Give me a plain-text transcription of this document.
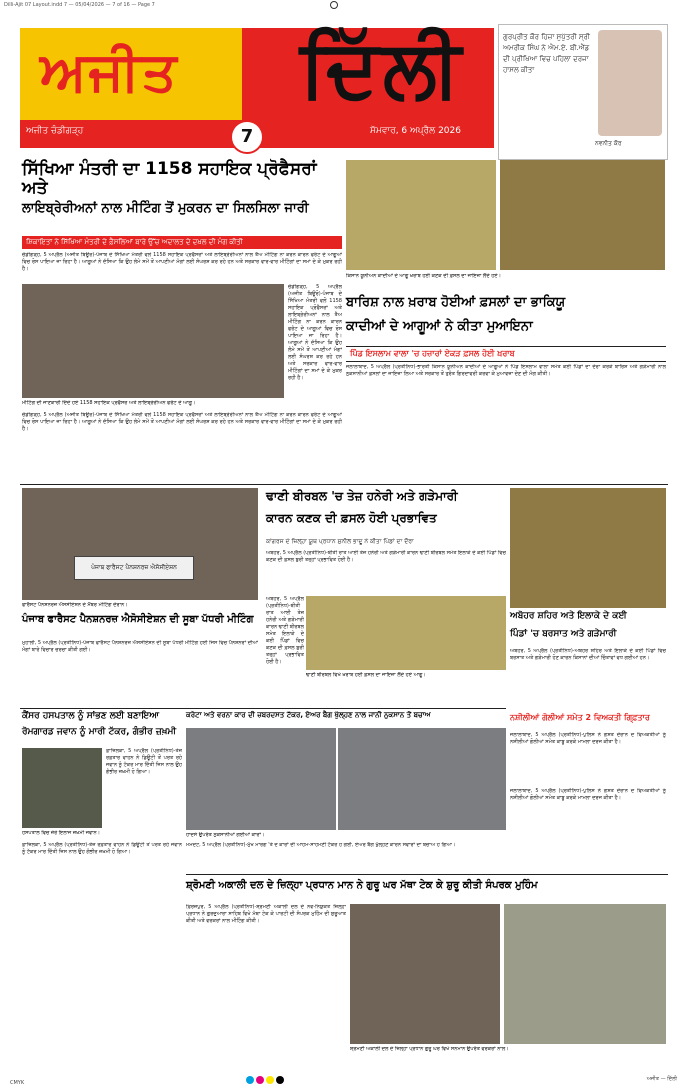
Dilli-Ajit 07 Layout.indd 7 — 05/04/2026 — 7 of 16 — Page 7
ਅਜੀਤ ਦਿੱਲੀ
ਅਜੀਤ ਚੰਡੀਗੜ੍ਹ	7	ਸੋਮਵਾਰ, 6 ਅਪ੍ਰੈਲ 2026
ਗੁਰਪ੍ਰੀਤ ਕੌਰ ਹਿਜ਼ਾ ਸੁਪੁੱਤਰੀ ਸ੍ਰੀ ਅਮਰੀਕ ਸਿੰਘ ਨੇ ਐਮ.ਏ. ਬੀ.ਐੱਡ ਦੀ ਪ੍ਰੀਖਿਆ ਵਿਚ ਪਹਿਲਾ ਦਰਜਾ ਹਾਸਲ ਕੀਤਾ
ਨਵਨੀਤ ਕੌਰ
ਸਿੱਖਿਆ ਮੰਤਰੀ ਦਾ 1158 ਸਹਾਇਕ ਪ੍ਰੋਫੈਸਰਾਂ ਅਤੇ
ਲਾਇਬ੍ਰੇਰੀਅਨਾਂ ਨਾਲ ਮੀਟਿੰਗ ਤੋਂ ਮੁਕਰਨ ਦਾ ਸਿਲਸਿਲਾ ਜਾਰੀ
ਸ਼ਿਕਾਇਤਾਂ ਨੇ ਸਿੱਖਿਆ ਮੰਤਰੀ ਦੇ ਫ਼ੈਸਲਿਆਂ ਬਾਰੇ ਉੱਚ ਅਦਾਲਤ ਦੇ ਦਖ਼ਲ ਦੀ ਮੰਗ ਕੀਤੀ
ਚੰਡੀਗੜ੍ਹ, 5 ਅਪ੍ਰੈਲ (ਅਜੀਤ ਬਿਊਰੋ)-ਪੰਜਾਬ ਦੇ ਸਿੱਖਿਆ ਮੰਤਰੀ ਵਲੋਂ 1158 ਸਹਾਇਕ ਪ੍ਰੋਫੈਸਰਾਂ ਅਤੇ ਲਾਇਬ੍ਰੇਰੀਅਨਾਂ ਨਾਲ ਤੈਅ ਮੀਟਿੰਗ ਨਾ ਕਰਨ ਕਾਰਨ ਫਰੰਟ ਦੇ ਆਗੂਆਂ ਵਿਚ ਰੋਸ ਪਾਇਆ ਜਾ ਰਿਹਾ ਹੈ। ਆਗੂਆਂ ਨੇ ਦੱਸਿਆ ਕਿ ਉਹ ਲੰਮੇ ਸਮੇਂ ਤੋਂ ਆਪਣੀਆਂ ਮੰਗਾਂ ਲਈ ਸੰਘਰਸ਼ ਕਰ ਰਹੇ ਹਨ ਅਤੇ ਸਰਕਾਰ ਵਾਰ-ਵਾਰ ਮੀਟਿੰਗਾਂ ਦਾ ਸਮਾਂ ਦੇ ਕੇ ਮੁਕਰ ਰਹੀ ਹੈ।
ਮੀਟਿੰਗ ਦੀ ਜਾਣਕਾਰੀ ਦਿੰਦੇ ਹੋਏ 1158 ਸਹਾਇਕ ਪ੍ਰੋਫੈਸਰ ਅਤੇ ਲਾਇਬ੍ਰੇਰੀਅਨ ਫਰੰਟ ਦੇ ਆਗੂ।
ਚੰਡੀਗੜ੍ਹ, 5 ਅਪ੍ਰੈਲ (ਅਜੀਤ ਬਿਊਰੋ)-ਪੰਜਾਬ ਦੇ ਸਿੱਖਿਆ ਮੰਤਰੀ ਵਲੋਂ 1158 ਸਹਾਇਕ ਪ੍ਰੋਫੈਸਰਾਂ ਅਤੇ ਲਾਇਬ੍ਰੇਰੀਅਨਾਂ ਨਾਲ ਤੈਅ ਮੀਟਿੰਗ ਨਾ ਕਰਨ ਕਾਰਨ ਫਰੰਟ ਦੇ ਆਗੂਆਂ ਵਿਚ ਰੋਸ ਪਾਇਆ ਜਾ ਰਿਹਾ ਹੈ। ਆਗੂਆਂ ਨੇ ਦੱਸਿਆ ਕਿ ਉਹ ਲੰਮੇ ਸਮੇਂ ਤੋਂ ਆਪਣੀਆਂ ਮੰਗਾਂ ਲਈ ਸੰਘਰਸ਼ ਕਰ ਰਹੇ ਹਨ ਅਤੇ ਸਰਕਾਰ ਵਾਰ-ਵਾਰ ਮੀਟਿੰਗਾਂ ਦਾ ਸਮਾਂ ਦੇ ਕੇ ਮੁਕਰ ਰਹੀ ਹੈ।
ਚੰਡੀਗੜ੍ਹ, 5 ਅਪ੍ਰੈਲ (ਅਜੀਤ ਬਿਊਰੋ)-ਪੰਜਾਬ ਦੇ ਸਿੱਖਿਆ ਮੰਤਰੀ ਵਲੋਂ 1158 ਸਹਾਇਕ ਪ੍ਰੋਫੈਸਰਾਂ ਅਤੇ ਲਾਇਬ੍ਰੇਰੀਅਨਾਂ ਨਾਲ ਤੈਅ ਮੀਟਿੰਗ ਨਾ ਕਰਨ ਕਾਰਨ ਫਰੰਟ ਦੇ ਆਗੂਆਂ ਵਿਚ ਰੋਸ ਪਾਇਆ ਜਾ ਰਿਹਾ ਹੈ। ਆਗੂਆਂ ਨੇ ਦੱਸਿਆ ਕਿ ਉਹ ਲੰਮੇ ਸਮੇਂ ਤੋਂ ਆਪਣੀਆਂ ਮੰਗਾਂ ਲਈ ਸੰਘਰਸ਼ ਕਰ ਰਹੇ ਹਨ ਅਤੇ ਸਰਕਾਰ ਵਾਰ-ਵਾਰ ਮੀਟਿੰਗਾਂ ਦਾ ਸਮਾਂ ਦੇ ਕੇ ਮੁਕਰ ਰਹੀ ਹੈ।
ਕਿਸਾਨ ਯੂਨੀਅਨ ਕਾਦੀਆਂ ਦੇ ਆਗੂ ਖ਼ਰਾਬ ਹੋਈ ਕਣਕ ਦੀ ਫ਼ਸਲ ਦਾ ਜਾਇਜ਼ਾ ਲੈਂਦੇ ਹੋਏ।
ਬਾਰਿਸ਼ ਨਾਲ ਖ਼ਰਾਬ ਹੋਈਆਂ ਫ਼ਸਲਾਂ ਦਾ ਭਾਕਿਯੂ
ਕਾਦੀਆਂ ਦੇ ਆਗੂਆਂ ਨੇ ਕੀਤਾ ਮੁਆਇਨਾ
ਪਿੰਡ ਇਸਲਾਮ ਵਾਲਾ 'ਚ ਹਜ਼ਾਰਾਂ ਏਕੜ ਫ਼ਸਲ ਹੋਈ ਖ਼ਰਾਬ
ਜਲਾਲਾਬਾਦ, 5 ਅਪ੍ਰੈਲ (ਪ੍ਰਤੀਨਿਧ)-ਭਾਰਤੀ ਕਿਸਾਨ ਯੂਨੀਅਨ ਕਾਦੀਆਂ ਦੇ ਆਗੂਆਂ ਨੇ ਪਿੰਡ ਇਸਲਾਮ ਵਾਲਾ ਸਮੇਤ ਕਈ ਪਿੰਡਾਂ ਦਾ ਦੌਰਾ ਕਰਕੇ ਬਾਰਿਸ਼ ਅਤੇ ਗੜੇਮਾਰੀ ਨਾਲ ਨੁਕਸਾਨੀਆਂ ਫ਼ਸਲਾਂ ਦਾ ਜਾਇਜ਼ਾ ਲਿਆ ਅਤੇ ਸਰਕਾਰ ਤੋਂ ਤੁਰੰਤ ਗਿਰਦਾਵਰੀ ਕਰਵਾ ਕੇ ਮੁਆਵਜ਼ਾ ਦੇਣ ਦੀ ਮੰਗ ਕੀਤੀ।
ਪੰਜਾਬ ਫਾਰੈਸਟ ਪੈਨਸ਼ਨਰਜ਼ ਐਸੋਸੀਏਸ਼ਨ
ਫਾਰੈਸਟ ਪੈਨਸ਼ਨਰਜ਼ ਐਸੋਸੀਏਸ਼ਨ ਦੇ ਮੈਂਬਰ ਮੀਟਿੰਗ ਦੌਰਾਨ।
ਪੰਜਾਬ ਫਾਰੈਸਟ ਪੈਨਸ਼ਨਰਜ਼ ਐਸੋਸੀਏਸ਼ਨ ਦੀ ਸੂਬਾ ਪੱਧਰੀ ਮੀਟਿੰਗ
ਮੁਹਾਲੀ, 5 ਅਪ੍ਰੈਲ (ਪ੍ਰਤੀਨਿਧ)-ਪੰਜਾਬ ਫਾਰੈਸਟ ਪੈਨਸ਼ਨਰਜ਼ ਐਸੋਸੀਏਸ਼ਨ ਦੀ ਸੂਬਾ ਪੱਧਰੀ ਮੀਟਿੰਗ ਹੋਈ ਜਿਸ ਵਿਚ ਪੈਨਸ਼ਨਰਾਂ ਦੀਆਂ ਮੰਗਾਂ ਬਾਰੇ ਵਿਚਾਰ ਚਰਚਾ ਕੀਤੀ ਗਈ।
ਢਾਣੀ ਬੀਰਬਲ 'ਚ ਤੇਜ਼ ਹਨੇਰੀ ਅਤੇ ਗੜੇਮਾਰੀ
ਕਾਰਨ ਕਣਕ ਦੀ ਫ਼ਸਲ ਹੋਈ ਪ੍ਰਭਾਵਿਤ
ਕਾਂਗਰਸ ਦੇ ਜ਼ਿਲ੍ਹਾ ਯੂਥ ਪ੍ਰਧਾਨ ਸੁਨੀਲ ਭਾਦੂ ਨੇ ਕੀਤਾ ਪਿੰਡਾਂ ਦਾ ਦੌਰਾ
ਅਬੋਹਰ, 5 ਅਪ੍ਰੈਲ (ਪ੍ਰਤੀਨਿਧ)-ਬੀਤੀ ਰਾਤ ਆਈ ਤੇਜ਼ ਹਨੇਰੀ ਅਤੇ ਗੜੇਮਾਰੀ ਕਾਰਨ ਢਾਣੀ ਬੀਰਬਲ ਸਮੇਤ ਇਲਾਕੇ ਦੇ ਕਈ ਪਿੰਡਾਂ ਵਿਚ ਕਣਕ ਦੀ ਫ਼ਸਲ ਬੁਰੀ ਤਰ੍ਹਾਂ ਪ੍ਰਭਾਵਿਤ ਹੋਈ ਹੈ।
ਢਾਣੀ ਬੀਰਬਲ ਵਿਖੇ ਖ਼ਰਾਬ ਹੋਈ ਫ਼ਸਲ ਦਾ ਜਾਇਜ਼ਾ ਲੈਂਦੇ ਹੋਏ ਆਗੂ।
ਅਬੋਹਰ, 5 ਅਪ੍ਰੈਲ (ਪ੍ਰਤੀਨਿਧ)-ਬੀਤੀ ਰਾਤ ਆਈ ਤੇਜ਼ ਹਨੇਰੀ ਅਤੇ ਗੜੇਮਾਰੀ ਕਾਰਨ ਢਾਣੀ ਬੀਰਬਲ ਸਮੇਤ ਇਲਾਕੇ ਦੇ ਕਈ ਪਿੰਡਾਂ ਵਿਚ ਕਣਕ ਦੀ ਫ਼ਸਲ ਬੁਰੀ ਤਰ੍ਹਾਂ ਪ੍ਰਭਾਵਿਤ ਹੋਈ ਹੈ।
ਅਬੋਹਰ ਸ਼ਹਿਰ ਅਤੇ ਇਲਾਕੇ ਦੇ ਕਈ
ਪਿੰਡਾਂ 'ਚ ਬਰਸਾਤ ਅਤੇ ਗੜੇਮਾਰੀ
ਅਬੋਹਰ, 5 ਅਪ੍ਰੈਲ (ਪ੍ਰਤੀਨਿਧ)-ਅਬੋਹਰ ਸ਼ਹਿਰ ਅਤੇ ਇਲਾਕੇ ਦੇ ਕਈ ਪਿੰਡਾਂ ਵਿਚ ਬਰਸਾਤ ਅਤੇ ਗੜੇਮਾਰੀ ਹੋਣ ਕਾਰਨ ਕਿਸਾਨਾਂ ਦੀਆਂ ਚਿੰਤਾਵਾਂ ਵਧ ਗਈਆਂ ਹਨ।
ਨਸ਼ੀਲੀਆਂ ਗੋਲੀਆਂ ਸਮੇਤ 2 ਵਿਅਕਤੀ ਗਿ੍ਫ਼ਤਾਰ
ਜਲਾਲਾਬਾਦ, 5 ਅਪ੍ਰੈਲ (ਪ੍ਰਤੀਨਿਧ)-ਪੁਲਿਸ ਨੇ ਗਸ਼ਤ ਦੌਰਾਨ ਦੋ ਵਿਅਕਤੀਆਂ ਨੂੰ ਨਸ਼ੀਲੀਆਂ ਗੋਲੀਆਂ ਸਮੇਤ ਕਾਬੂ ਕਰਕੇ ਮਾਮਲਾ ਦਰਜ ਕੀਤਾ ਹੈ।
ਕੈਂਸਰ ਹਸਪਤਾਲ ਨੂੰ ਸਾਂਭਣ ਲਈ ਬਣਾਇਆ
ਰੋਮਗਾਰਡ ਜਵਾਨ ਨੂੰ ਮਾਰੀ ਟੱਕਰ, ਗੰਭੀਰ ਜ਼ਖ਼ਮੀ
ਹਸਪਤਾਲ ਵਿਚ ਜ਼ੇਰੇ ਇਲਾਜ ਜ਼ਖ਼ਮੀ ਜਵਾਨ।
ਫ਼ਾਜ਼ਿਲਕਾ, 5 ਅਪ੍ਰੈਲ (ਪ੍ਰਤੀਨਿਧ)-ਤੇਜ਼ ਰਫ਼ਤਾਰ ਵਾਹਨ ਨੇ ਡਿਊਟੀ ਤੋਂ ਪਰਤ ਰਹੇ ਜਵਾਨ ਨੂੰ ਟੱਕਰ ਮਾਰ ਦਿੱਤੀ ਜਿਸ ਨਾਲ ਉਹ ਗੰਭੀਰ ਜ਼ਖ਼ਮੀ ਹੋ ਗਿਆ।
ਕਰੇਟਾ ਅਤੇ ਵਰਨਾ ਕਾਰ ਦੀ ਜ਼ਬਰਦਸਤ ਟੱਕਰ, ਏਅਰ ਬੈਗ ਖੁੱਲ੍ਹਣ ਨਾਲ ਜਾਨੀ ਨੁਕਸਾਨ ਤੋਂ ਬਚਾਅ
ਹਾਦਸੇ ਉਪਰੰਤ ਨੁਕਸਾਨੀਆਂ ਗਈਆਂ ਕਾਰਾਂ।
ਮਮਦੋਟ, 5 ਅਪ੍ਰੈਲ (ਪ੍ਰਤੀਨਿਧ)-ਮੁੱਖ ਮਾਰਗ 'ਤੇ ਦੋ ਕਾਰਾਂ ਦੀ ਆਹਮੋ-ਸਾਹਮਣੀ ਟੱਕਰ ਹੋ ਗਈ, ਏਅਰ ਬੈਗ ਖੁੱਲ੍ਹਣ ਕਾਰਨ ਸਵਾਰਾਂ ਦਾ ਬਚਾਅ ਹੋ ਗਿਆ।
ਜਲਾਲਾਬਾਦ, 5 ਅਪ੍ਰੈਲ (ਪ੍ਰਤੀਨਿਧ)-ਪੁਲਿਸ ਨੇ ਗਸ਼ਤ ਦੌਰਾਨ ਦੋ ਵਿਅਕਤੀਆਂ ਨੂੰ ਨਸ਼ੀਲੀਆਂ ਗੋਲੀਆਂ ਸਮੇਤ ਕਾਬੂ ਕਰਕੇ ਮਾਮਲਾ ਦਰਜ ਕੀਤਾ ਹੈ।
ਸ਼੍ਰੋਮਣੀ ਅਕਾਲੀ ਦਲ ਦੇ ਜ਼ਿਲ੍ਹਾ ਪ੍ਰਧਾਨ ਮਾਨ ਨੇ ਗੁਰੂ ਘਰ ਮੱਥਾ ਟੇਕ ਕੇ ਸ਼ੁਰੂ ਕੀਤੀ ਸੰਪਰਕ ਮੁਹਿੰਮ
ਫ਼ਾਜ਼ਿਲਕਾ, 5 ਅਪ੍ਰੈਲ (ਪ੍ਰਤੀਨਿਧ)-ਤੇਜ਼ ਰਫ਼ਤਾਰ ਵਾਹਨ ਨੇ ਡਿਊਟੀ ਤੋਂ ਪਰਤ ਰਹੇ ਜਵਾਨ ਨੂੰ ਟੱਕਰ ਮਾਰ ਦਿੱਤੀ ਜਿਸ ਨਾਲ ਉਹ ਗੰਭੀਰ ਜ਼ਖ਼ਮੀ ਹੋ ਗਿਆ।
ਫ਼ਿਰੋਜ਼ਪੁਰ, 5 ਅਪ੍ਰੈਲ (ਪ੍ਰਤੀਨਿਧ)-ਸ਼੍ਰੋਮਣੀ ਅਕਾਲੀ ਦਲ ਦੇ ਨਵ-ਨਿਯੁਕਤ ਜ਼ਿਲ੍ਹਾ ਪ੍ਰਧਾਨ ਨੇ ਗੁਰਦੁਆਰਾ ਸਾਹਿਬ ਵਿਖੇ ਮੱਥਾ ਟੇਕ ਕੇ ਪਾਰਟੀ ਦੀ ਸੰਪਰਕ ਮੁਹਿੰਮ ਦੀ ਸ਼ੁਰੂਆਤ ਕੀਤੀ ਅਤੇ ਵਰਕਰਾਂ ਨਾਲ ਮੀਟਿੰਗ ਕੀਤੀ।
ਸ਼੍ਰੋਮਣੀ ਅਕਾਲੀ ਦਲ ਦੇ ਜ਼ਿਲ੍ਹਾ ਪ੍ਰਧਾਨ ਗੁਰੂ ਘਰ ਵਿਖੇ ਸਨਮਾਨ ਉਪਰੰਤ ਵਰਕਰਾਂ ਨਾਲ।
CMYK
ਅਜੀਤ — ਦਿੱਲੀ
